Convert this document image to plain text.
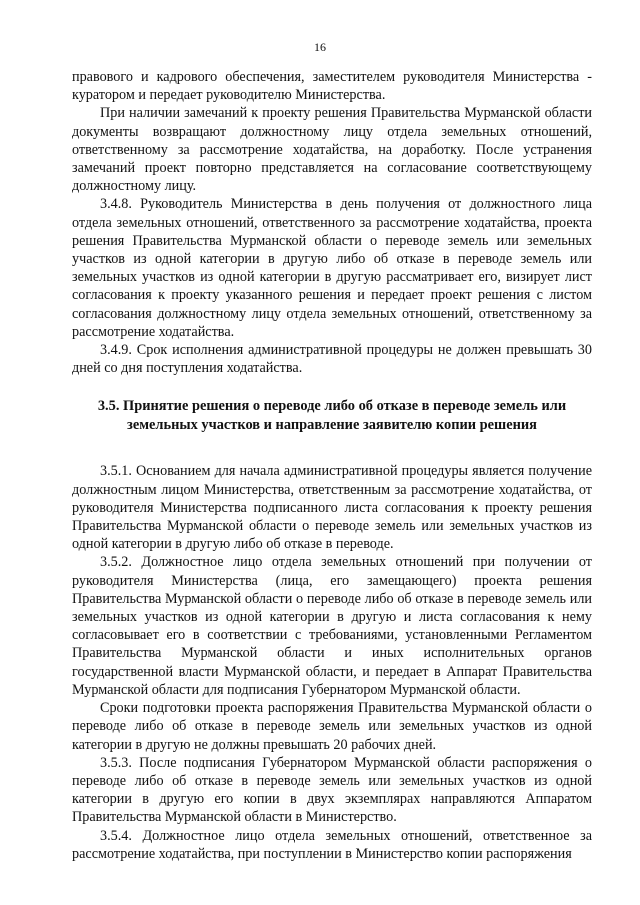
16

правового и кадрового обеспечения, заместителем руководителя Министерства - куратором и передает руководителю Министерства.

При наличии замечаний к проекту решения Правительства Мурманской области документы возвращают должностному лицу отдела земельных отношений, ответственному за рассмотрение ходатайства, на доработку. После устранения замечаний проект повторно представляется на согласование соответствующему должностному лицу.

3.4.8. Руководитель Министерства в день получения от должностного лица отдела земельных отношений, ответственного за рассмотрение ходатайства, проекта решения Правительства Мурманской области о переводе земель или земельных участков из одной категории в другую либо об отказе в переводе земель или земельных участков из одной категории в другую рассматривает его, визирует лист согласования к проекту указанного решения и передает проект решения с листом согласования должностному лицу отдела земельных отношений, ответственному за рассмотрение ходатайства.

3.4.9. Срок исполнения административной процедуры не должен превышать 30 дней со дня поступления ходатайства.

3.5. Принятие решения о переводе либо об отказе в переводе земель или земельных участков и направление заявителю копии решения

3.5.1. Основанием для начала административной процедуры является получение должностным лицом Министерства, ответственным за рассмотрение ходатайства, от руководителя Министерства подписанного листа согласования к проекту решения Правительства Мурманской области о переводе земель или земельных участков из одной категории в другую либо об отказе в переводе.

3.5.2. Должностное лицо отдела земельных отношений при получении от руководителя Министерства (лица, его замещающего) проекта решения Правительства Мурманской области о переводе либо об отказе в переводе земель или земельных участков из одной категории в другую и листа согласования к нему согласовывает его в соответствии с требованиями, установленными Регламентом Правительства Мурманской области и иных исполнительных органов государственной власти Мурманской области, и передает в Аппарат Правительства Мурманской области для подписания Губернатором Мурманской области.

Сроки подготовки проекта распоряжения Правительства Мурманской области о переводе либо об отказе в переводе земель или земельных участков из одной категории в другую не должны превышать 20 рабочих дней.

3.5.3. После подписания Губернатором Мурманской области распоряжения о переводе либо об отказе в переводе земель или земельных участков из одной категории в другую его копии в двух экземплярах направляются Аппаратом Правительства Мурманской области в Министерство.

3.5.4. Должностное лицо отдела земельных отношений, ответственное за рассмотрение ходатайства, при поступлении в Министерство копии распоряжения
